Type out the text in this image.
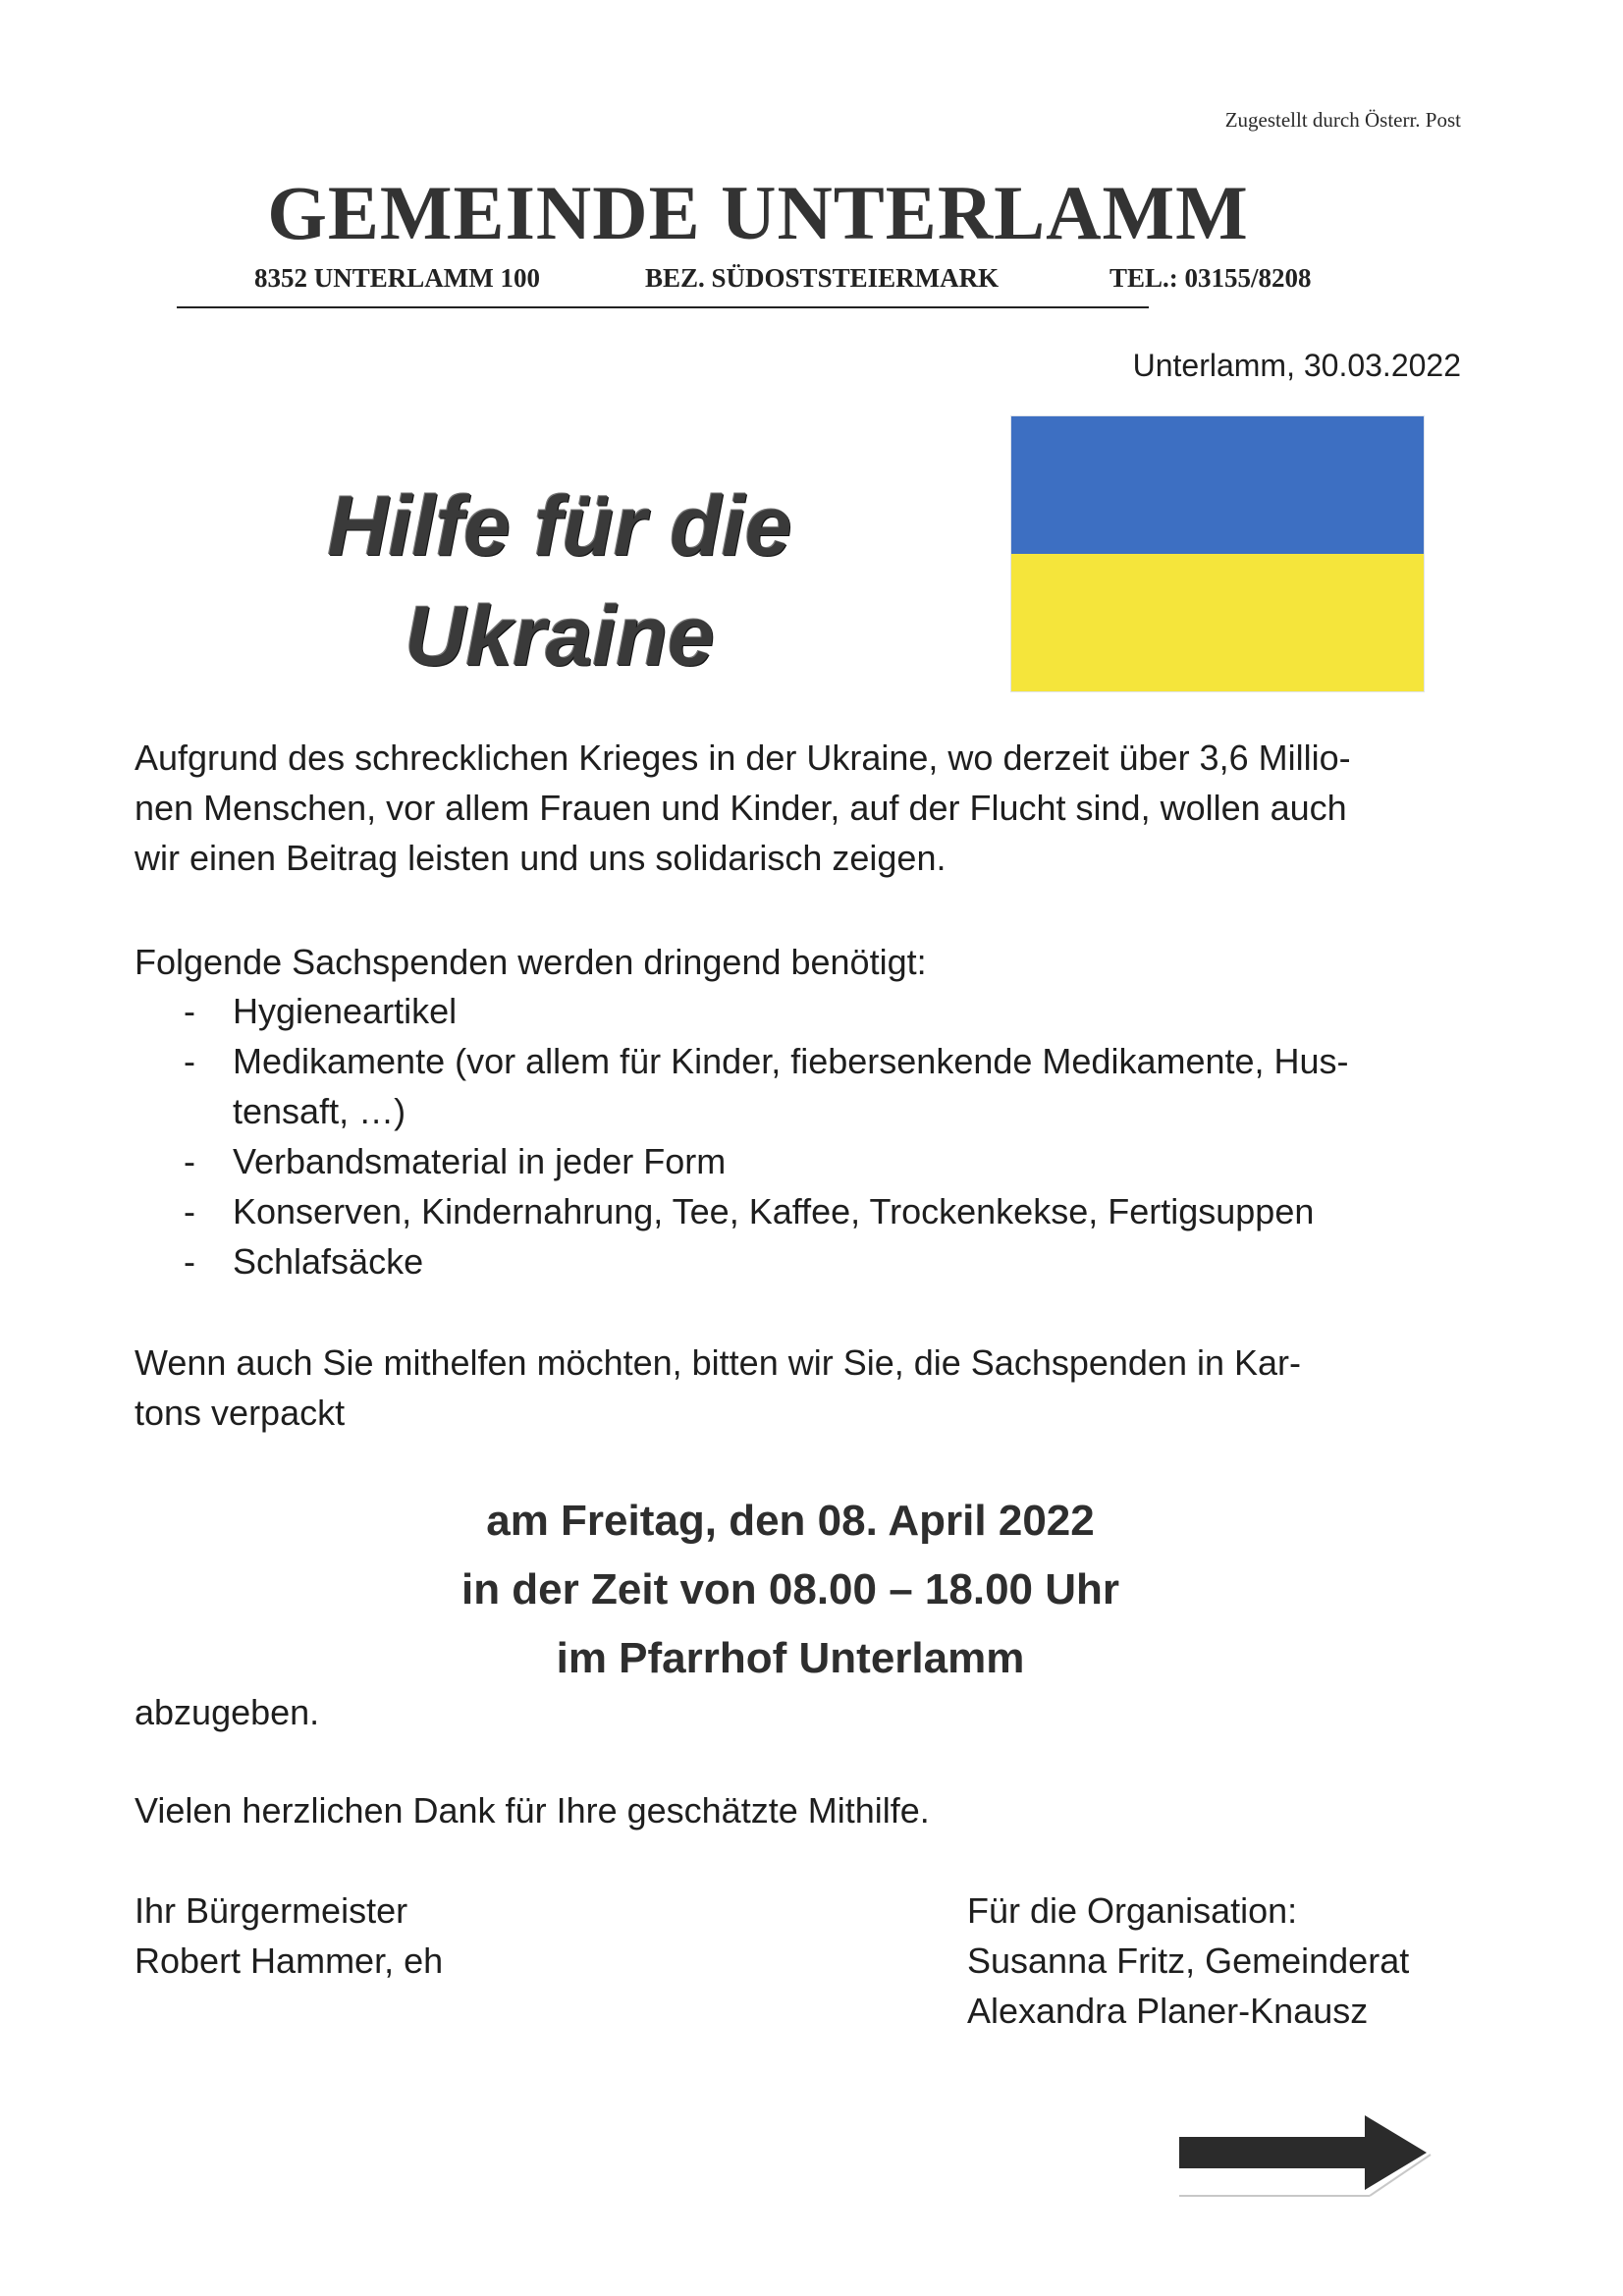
Zugestellt durch Österr. Post
GEMEINDE UNTERLAMM
8352 UNTERLAMM 100	BEZ. SÜDOSTSTEIERMARK	TEL.: 03155/8208
Unterlamm, 30.03.2022
Hilfe für die
Ukraine
Aufgrund des schrecklichen Krieges in der Ukraine, wo derzeit über 3,6 Millio-
nen Menschen, vor allem Frauen und Kinder, auf der Flucht sind, wollen auch
wir einen Beitrag leisten und uns solidarisch zeigen.
Folgende Sachspenden werden dringend benötigt:
- Hygieneartikel
- Medikamente (vor allem für Kinder, fiebersenkende Medikamente, Hus-
tensaft, …)
- Verbandsmaterial in jeder Form
- Konserven, Kindernahrung, Tee, Kaffee, Trockenkekse, Fertigsuppen
- Schlafsäcke
Wenn auch Sie mithelfen möchten, bitten wir Sie, die Sachspenden in Kar-
tons verpackt
am Freitag, den 08. April 2022
in der Zeit von 08.00 – 18.00 Uhr
im Pfarrhof Unterlamm
abzugeben.
Vielen herzlichen Dank für Ihre geschätzte Mithilfe.
Ihr Bürgermeister
Robert Hammer, eh
Für die Organisation:
Susanna Fritz, Gemeinderat
Alexandra Planer-Knausz
